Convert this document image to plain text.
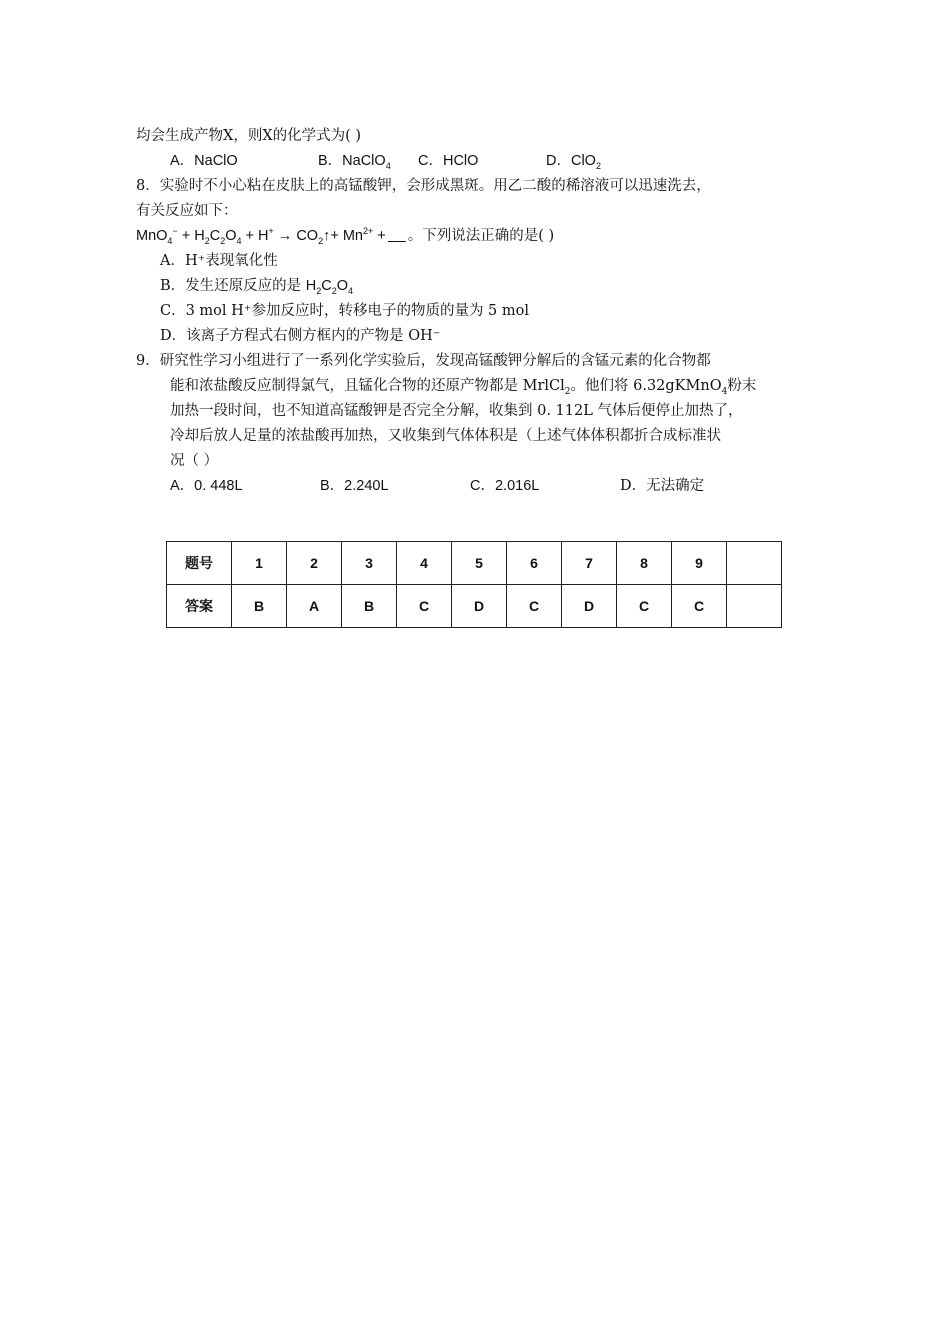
均会生成产物X，则X的化学式为( )
A．NaClO	B．NaClO$_4$ C．HClO	D．ClO$_2$
8．实验时不小心粘在皮肤上的高锰酸钾，会形成黑斑。用乙二酸的稀溶液可以迅速洗去，
有关反应如下：
$MnO_4^- + H_2C_2O_4 + H^+$ → $CO_2↑+ Mn^{2+}$ + 。下列说法正确的是( )
A．H⁺表现氧化性
B．发生还原反应的是 $H_2C_2O_4$
C．3 mol H⁺参加反应时，转移电子的物质的量为 5 mol
D．该离子方程式右侧方框内的产物是 OH⁻
9．研究性学习小组进行了一系列化学实验后，发现高锰酸钾分解后的含锰元素的化合物都
能和浓盐酸反应制得氯气，且锰化合物的还原产物都是 MrlCl$_2$。他们将 6.32gKMnO$_4$粉末
加热一段时间，也不知道高锰酸钾是否完全分解，收集到 0. 112L 气体后便停止加热了，
冷却后放人足量的浓盐酸再加热，又收集到气体体积是（上述气体体积都折合成标准状
况（ ）
A．0. 448L	B．2.240L	C．2.016L	D．无法确定
题号	1	2	3	4	5	6	7	8	9	
答案	B	A	B	C	D	C	D	C	C	
